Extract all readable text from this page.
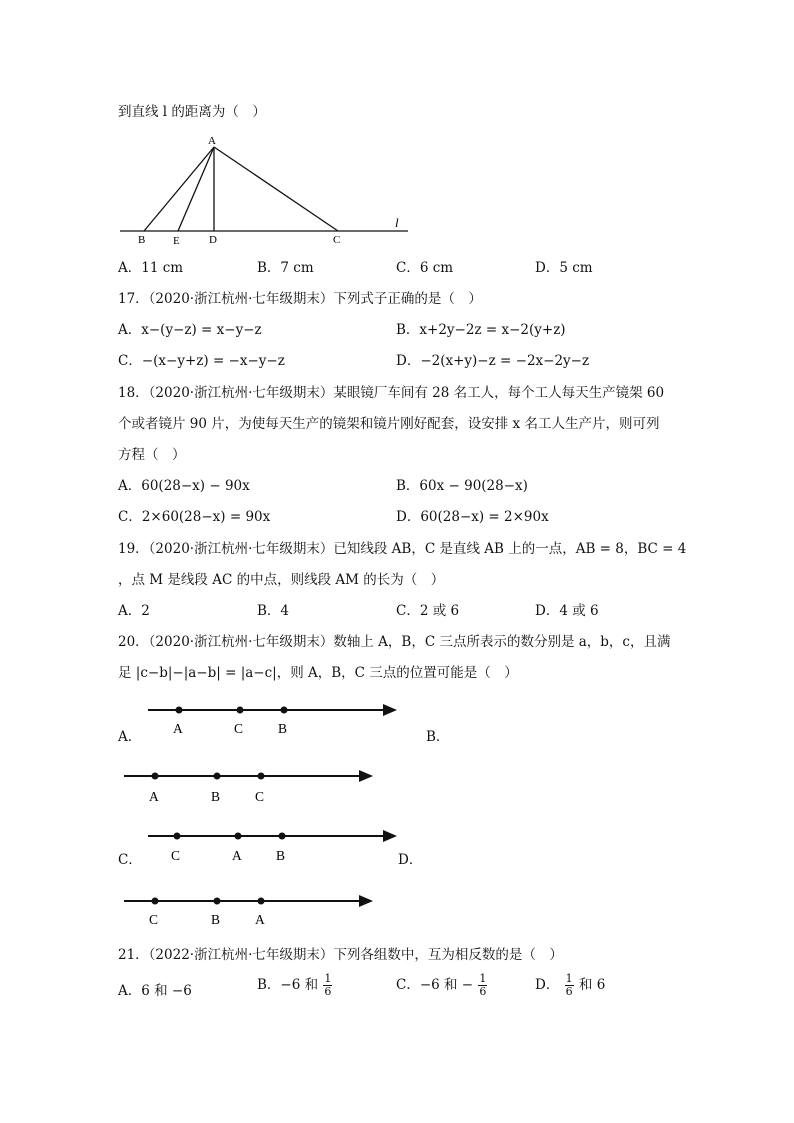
到直线 l 的距离为（　）
A
B	E	D	C
l
A．11 cm	B．7 cm	C．6 cm	D．5 cm
17．（2020·浙江杭州·七年级期末）下列式子正确的是（　）
A．x−(y−z) = x−y−z	B．x+2y−2z = x−2(y+z)
C．−(x−y+z) = −x−y−z	D．−2(x+y)−z = −2x−2y−z
18．（2020·浙江杭州·七年级期末）某眼镜厂车间有 28 名工人，每个工人每天生产镜架 60
个或者镜片 90 片，为使每天生产的镜架和镜片刚好配套，设安排 x 名工人生产片，则可列
方程（　）
A．60(28−x) − 90x	B．60x − 90(28−x)
C．2×60(28−x) = 90x	D．60(28−x) = 2×90x
19．（2020·浙江杭州·七年级期末）已知线段 AB，C 是直线 AB 上的一点，AB = 8，BC = 4
，点 M 是线段 AC 的中点，则线段 AM 的长为（　）
A．2	B．4	C．2 或 6	D．4 或 6
20．（2020·浙江杭州·七年级期末）数轴上 A，B，C 三点所表示的数分别是 a，b，c，且满
足 |c−b|−|a−b| = |a−c|，则 A，B，C 三点的位置可能是（　）
A．	B．
C．	D．
A	C	B
A	B	C
C	A	B
C	B	A
21．（2022·浙江杭州·七年级期末）下列各组数中，互为相反数的是（　）
A．6 和 −6	B．−6 和 $\frac{1}{6}$	C．−6 和 − $\frac{1}{6}$	D． $\frac{1}{6}$ 和 6
